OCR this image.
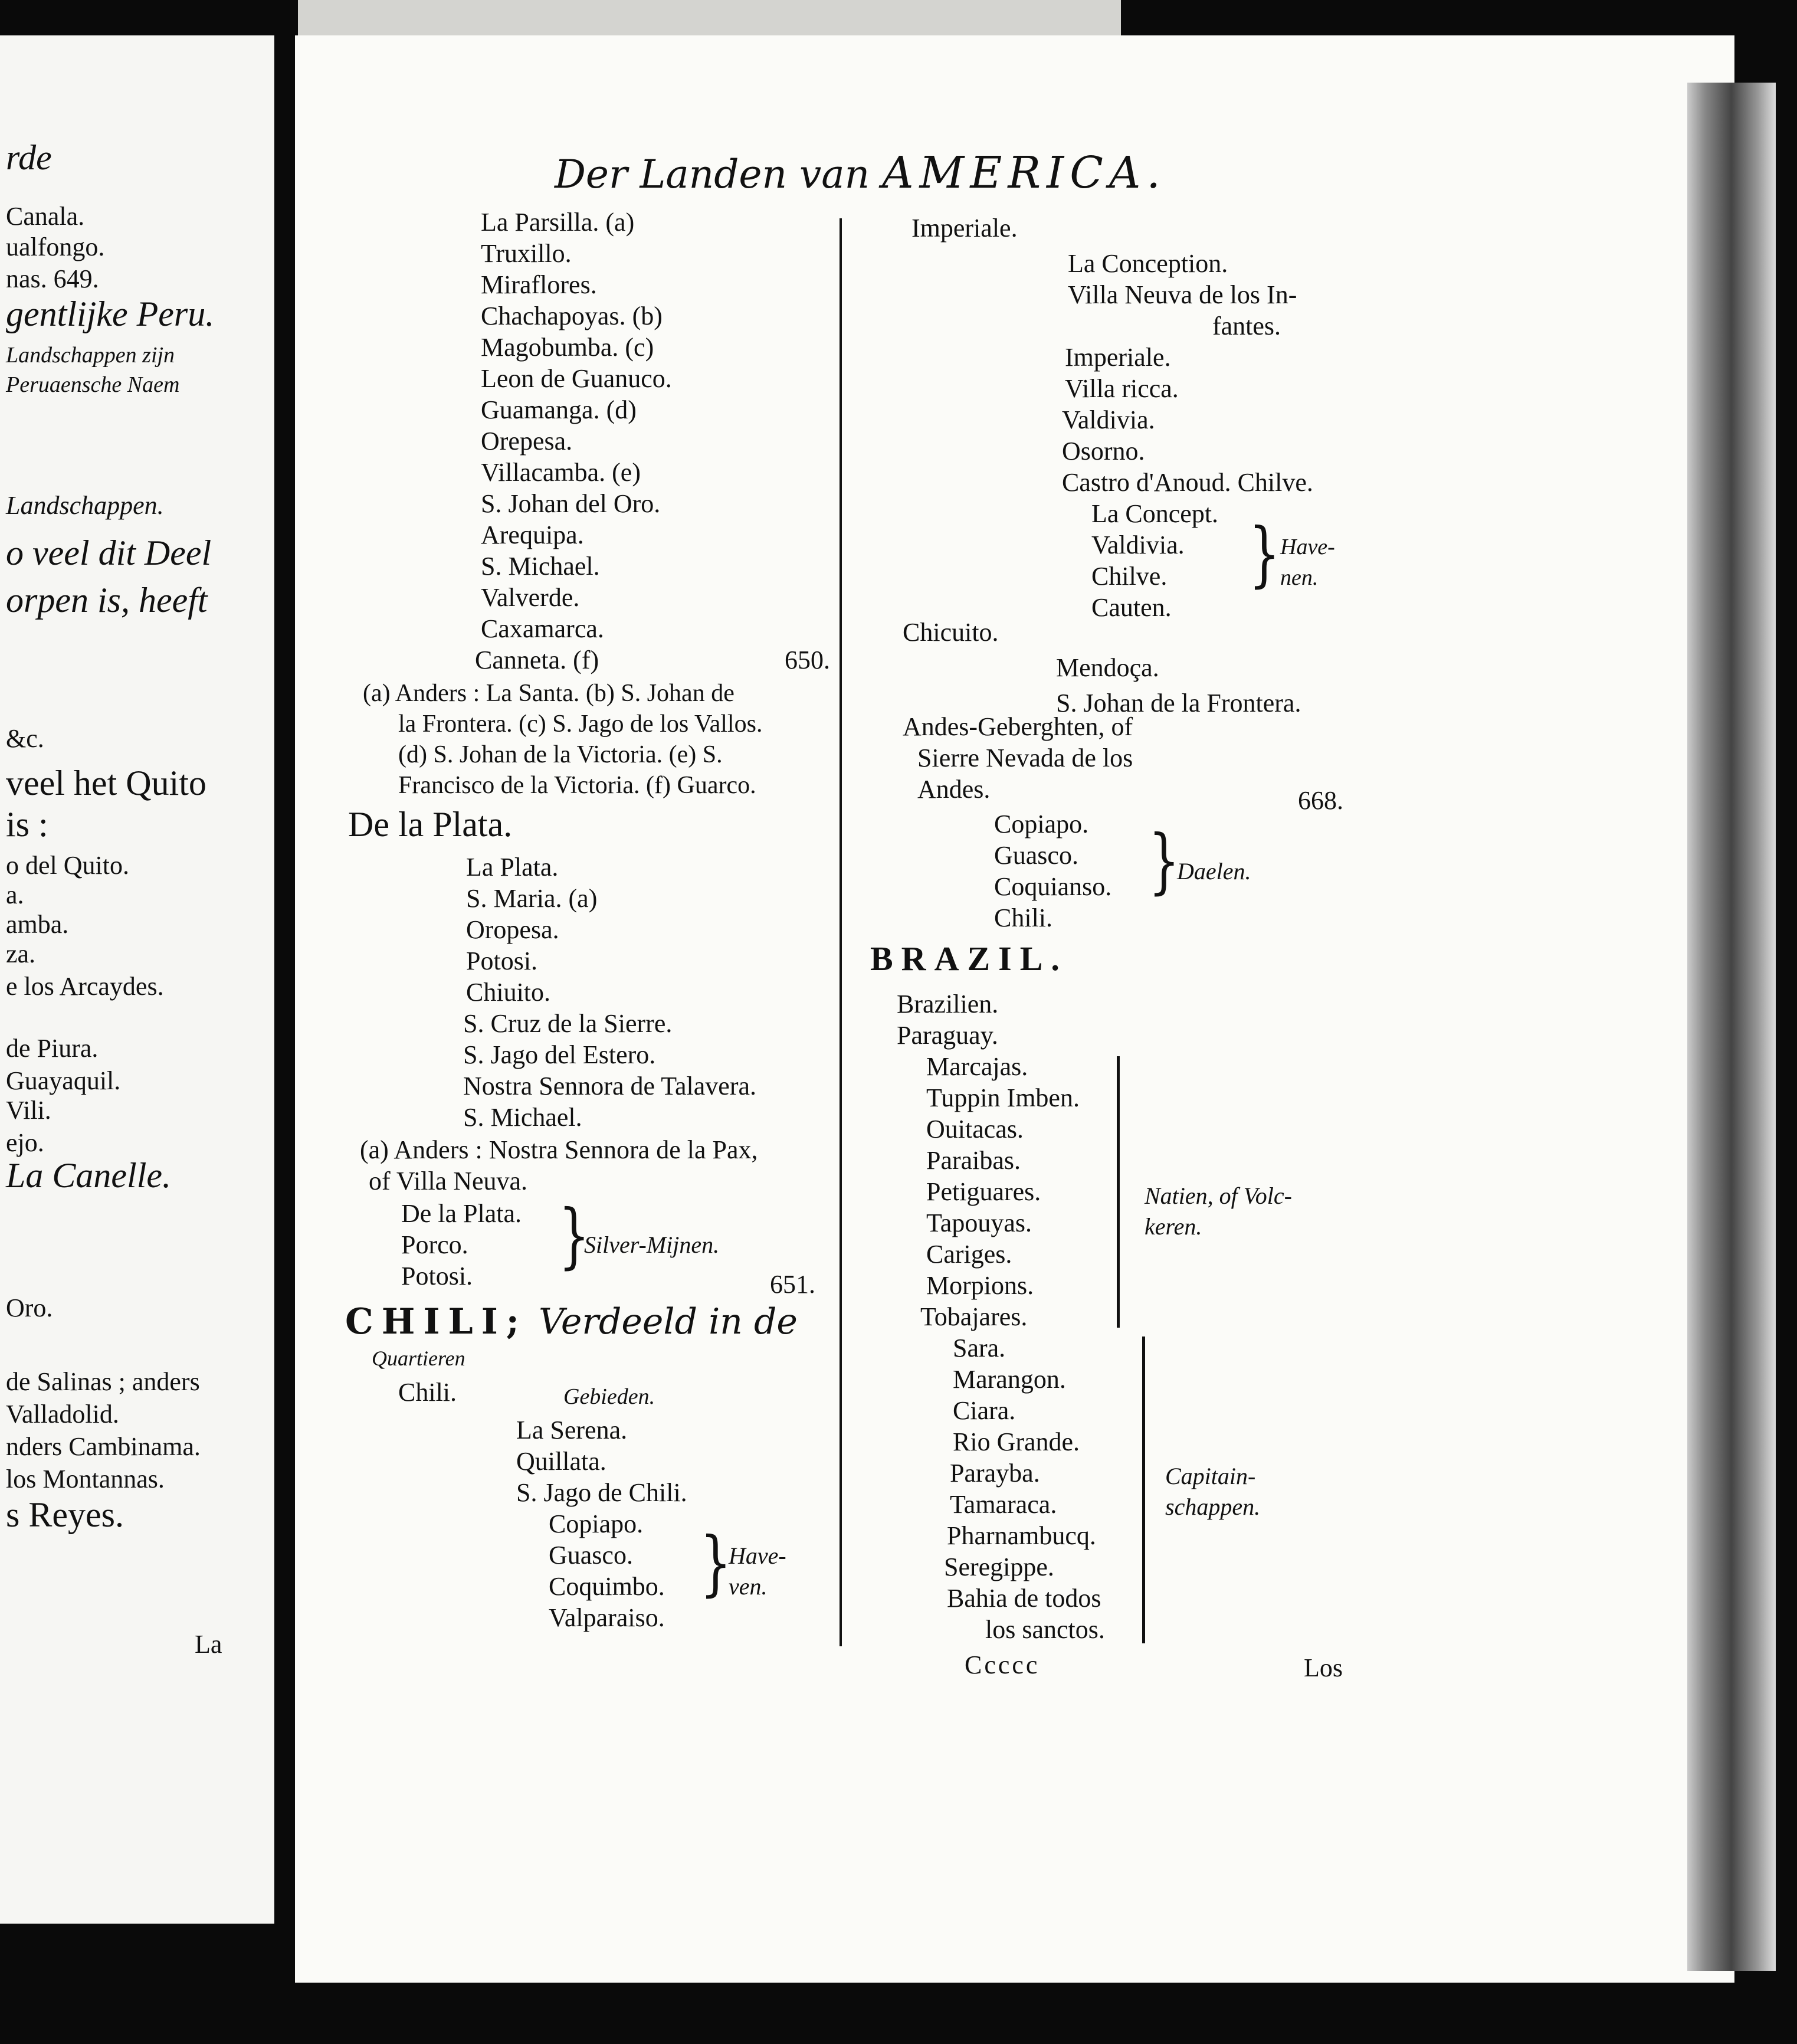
rde
Canala.
ualfongo.
nas. 649.
gentlijke Peru.
Landschappen zijn
Peruaensche Naem
Landschappen.
o veel dit Deel
orpen is, heeft
&c.
veel het Quito
is :
o del Quito.
a.
amba.
za.
e los Arcaydes.
de Piura.
Guayaquil.
Vili.
ejo.
La Canelle.
Oro.
de Salinas ; anders
Valladolid.
nders Cambinama.
los Montannas.
s Reyes.
La
Der Landen van AMERICA.
La Parsilla. (a)
Truxillo.
Miraflores.
Chachapoyas. (b)
Magobumba. (c)
Leon de Guanuco.
Guamanga. (d)
Orepesa.
Villacamba. (e)
S. Johan del Oro.
Arequipa.
S. Michael.
Valverde.
Caxamarca.
Canneta. (f)	650.
(a) Anders : La Santa. (b) S. Johan de
la Frontera. (c) S. Jago de los Vallos.
(d) S. Johan de la Victoria. (e) S.
Francisco de la Victoria. (f) Guarco.
De la Plata.
La Plata.
S. Maria. (a)
Oropesa.
Potosi.
Chiuito.
S. Cruz de la Sierre.
S. Jago del Estero.
Nostra Sennora de Talavera.
S. Michael.
(a) Anders : Nostra Sennora de la Pax,
of Villa Neuva.
De la Plata.
Porco.
Potosi. }
Silver-Mijnen.
651.
CHILI; Verdeeld in de
Quartieren
Chili.	Gebieden.
La Serena.
Quillata.
S. Jago de Chili.
Copiapo.
Guasco.
Coquimbo.
Valparaiso.
}
Have-
ven.
Imperiale.
La Conception.
Villa Neuva de los In-
fantes.
Imperiale.
Villa ricca.
Valdivia.
Osorno.
Castro d'Anoud. Chilve.
La Concept.
Valdivia.
Chilve.
Cauten.
} Have-
nen.
Chicuito.
Mendoça.
S. Johan de la Frontera.
Andes-Geberghten, of
Sierre Nevada de los
Andes.	668.
Copiapo.
Guasco.
Coquianso.
Chili.
}
Daelen.
BRAZIL.
Brazilien.
Paraguay.
Marcajas.
Tuppin Imben.
Ouitacas.
Paraibas.
Petiguares.
Tapouyas.
Cariges.
Morpions.
Tobajares.
Natien, of Volc-
keren.
Sara.
Marangon.
Ciara.
Rio Grande.
Parayba.
Tamaraca.
Pharnambucq.
Seregippe.
Bahia de todos
los sanctos.
Capitain-
schappen.
Ccccc	Los
